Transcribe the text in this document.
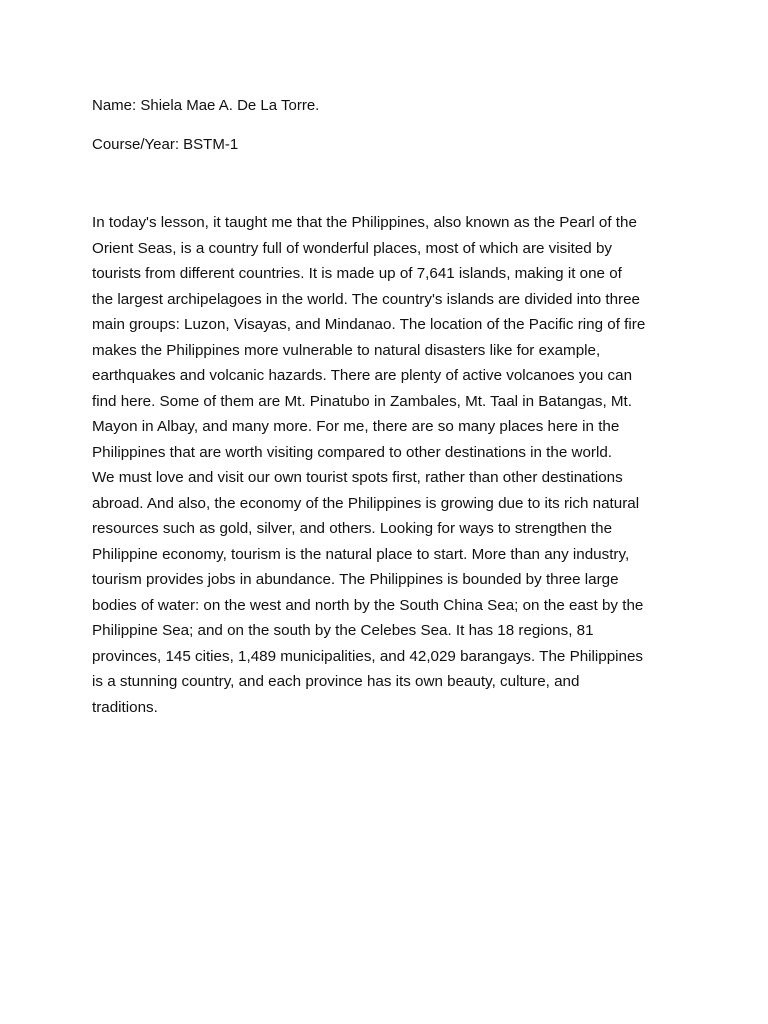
Name: Shiela Mae A. De La Torre.
Course/Year: BSTM-1
In today's lesson, it taught me that the Philippines, also known as the Pearl of the
Orient Seas, is a country full of wonderful places, most of which are visited by
tourists from different countries. It is made up of 7,641 islands, making it one of
the largest archipelagoes in the world. The country's islands are divided into three
main groups: Luzon, Visayas, and Mindanao. The location of the Pacific ring of fire
makes the Philippines more vulnerable to natural disasters like for example,
earthquakes and volcanic hazards. There are plenty of active volcanoes you can
find here. Some of them are Mt. Pinatubo in Zambales, Mt. Taal in Batangas, Mt.
Mayon in Albay, and many more. For me, there are so many places here in the
Philippines that are worth visiting compared to other destinations in the world.
We must love and visit our own tourist spots first, rather than other destinations
abroad. And also, the economy of the Philippines is growing due to its rich natural
resources such as gold, silver, and others. Looking for ways to strengthen the
Philippine economy, tourism is the natural place to start. More than any industry,
tourism provides jobs in abundance. The Philippines is bounded by three large
bodies of water: on the west and north by the South China Sea; on the east by the
Philippine Sea; and on the south by the Celebes Sea. It has 18 regions, 81
provinces, 145 cities, 1,489 municipalities, and 42,029 barangays. The Philippines
is a stunning country, and each province has its own beauty, culture, and
traditions.
